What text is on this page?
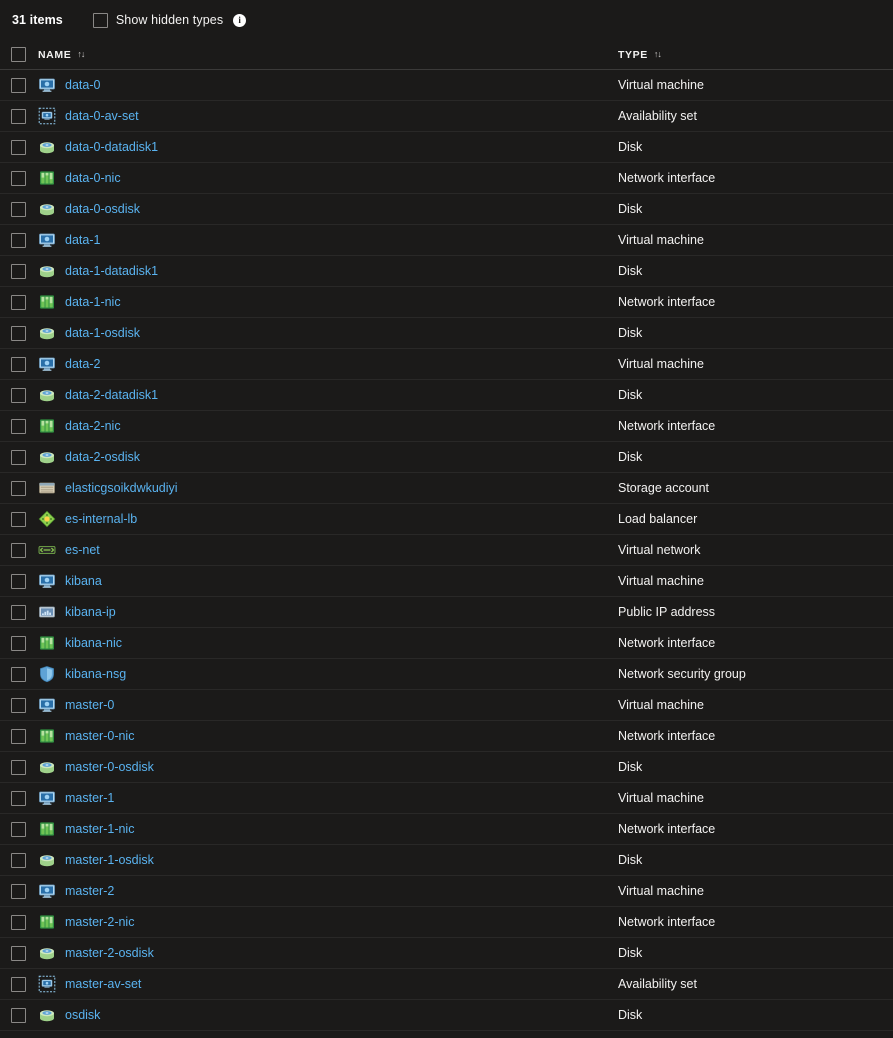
31 items	Show hidden types	i
NAME ↑↓	TYPE ↑↓
data-0	Virtual machine
data-0-av-set	Availability set
data-0-datadisk1	Disk
data-0-nic	Network interface
data-0-osdisk	Disk
data-1	Virtual machine
data-1-datadisk1	Disk
data-1-nic	Network interface
data-1-osdisk	Disk
data-2	Virtual machine
data-2-datadisk1	Disk
data-2-nic	Network interface
data-2-osdisk	Disk
elasticgsoikdwkudiyi	Storage account
es-internal-lb	Load balancer
es-net	Virtual network
kibana	Virtual machine
kibana-ip	Public IP address
kibana-nic	Network interface
kibana-nsg	Network security group
master-0	Virtual machine
master-0-nic	Network interface
master-0-osdisk	Disk
master-1	Virtual machine
master-1-nic	Network interface
master-1-osdisk	Disk
master-2	Virtual machine
master-2-nic	Network interface
master-2-osdisk	Disk
master-av-set	Availability set
osdisk	Disk
